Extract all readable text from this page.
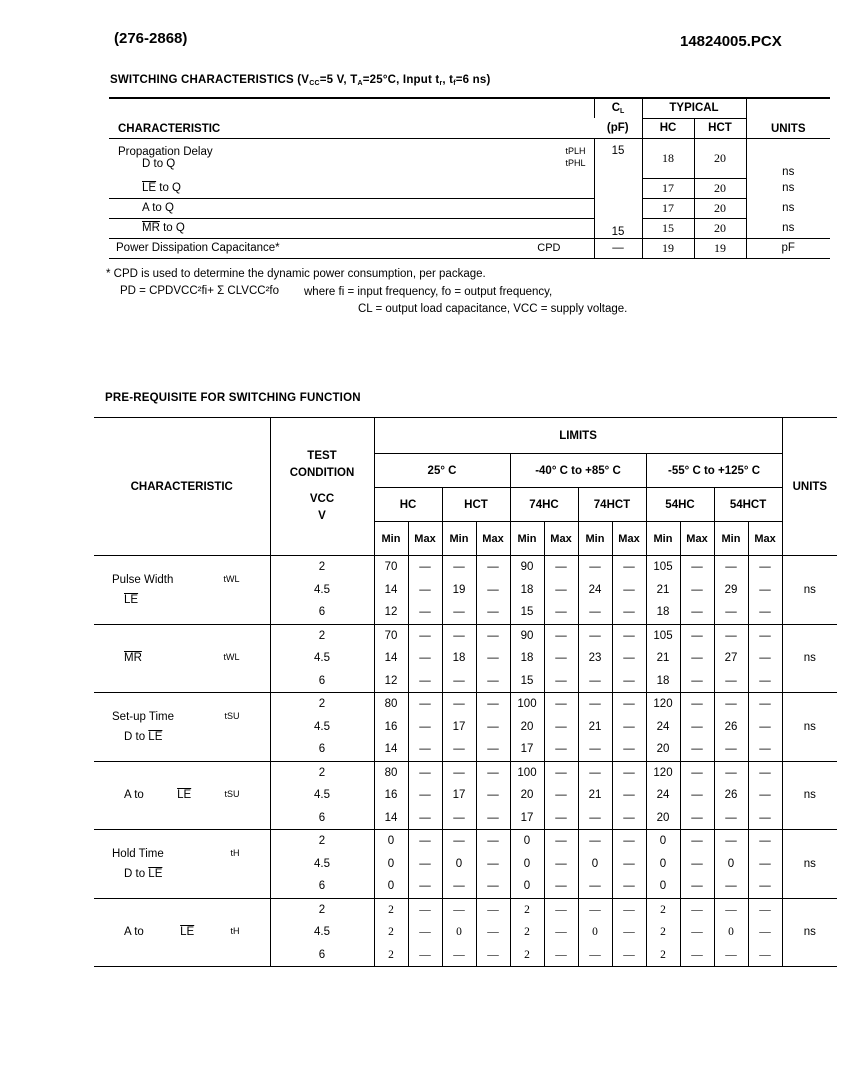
(276-2868)	14824005.PCX
SWITCHING CHARACTERISTICS ($V_{CC}=5$ V, $T_A=25^\circ C$, Input $t_r$, $t_f=6$ ns)
CHARACTERISTIC	$C_L$	TYPICAL		UNITS
	(pF)	HC	HCT	

Propagation Delay tPLH
D to Q tPHL	15	18	20	ns
$\overline{LE}$ to Q		17	20	ns
A to Q		17	20	ns
$\overline{MR}$ to Q	15	15	20	ns

Power Dissipation Capacitance* CPD	—	19	19	pF
* CPD is used to determine the dynamic power consumption, per package.
PD = CPDVCC²fi+ Σ CLVCC²fo where fi = input frequency, fo = output frequency,
CL = output load capacitance, VCC = supply voltage.
PRE-REQUISITE FOR SWITCHING FUNCTION
CHARACTERISTIC	TEST
CONDITION
VCC
V	LIMITS												UNITS
		25° C				-40° C to +85° C				-55° C to +125° C				
		HC		HCT		74HC		74HCT		54HC		54HCT		
		Min	Max	Min	Max	Min	Max	Min	Max	Min	Max	Min	Max	

Pulse Width tWL
$\overline{LE}$	2	70	—	—	—	90	—	—	—	105	—	—	—	ns
	4.5	14	—	19	—	18	—	24	—	21	—	29	—	
	6	12	—	—	—	15	—	—	—	18	—	—	—	

$\overline{MR}$ tWL	2	70	—	—	—	90	—	—	—	105	—	—	—	ns
	4.5	14	—	18	—	18	—	23	—	21	—	27	—	
	6	12	—	—	—	15	—	—	—	18	—	—	—	

Set-up Time tSU
D to $\overline{LE}$	2	80	—	—	—	100	—	—	—	120	—	—	—	ns
	4.5	16	—	17	—	20	—	21	—	24	—	26	—	
	6	14	—	—	—	17	—	—	—	20	—	—	—	

A to $\overline{LE}$ tSU	2	80	—	—	—	100	—	—	—	120	—	—	—	ns
	4.5	16	—	17	—	20	—	21	—	24	—	26	—	
	6	14	—	—	—	17	—	—	—	20	—	—	—	

Hold Time tH
D to $\overline{LE}$	2	0	—	—	—	0	—	—	—	0	—	—	—	ns
	4.5	0	—	0	—	0	—	0	—	0	—	0	—	
	6	0	—	—	—	0	—	—	—	0	—	—	—	

A to $\overline{LE}$ tH	2	2	—	—	—	2	—	—	—	2	—	—	—	ns
	4.5	2	—	0	—	2	—	0	—	2	—	0	—	
	6	2	—	—	—	2	—	—	—	2	—	—	—	
